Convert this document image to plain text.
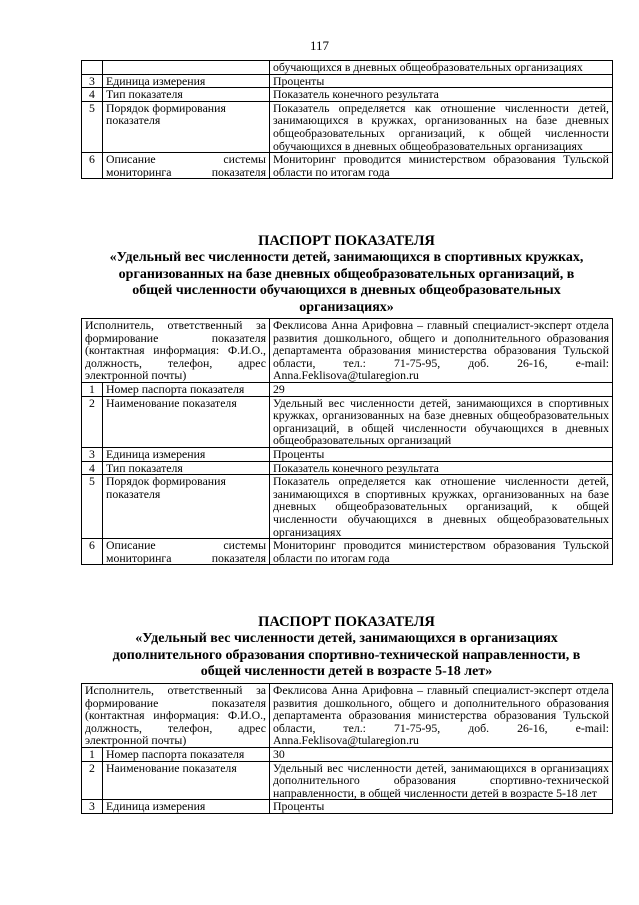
117
		обучающихся в дневных общеобразовательных организациях
3	Единица измерения	Проценты
4	Тип показателя	Показатель конечного результата
5	Порядок формирования показателя	Показатель определяется как отношение численности детей, занимающихся в кружках, организованных на базе дневных общеобразовательных организаций, к общей численности обучающихся в дневных общеобразовательных организациях
6	Описание системы мониторинга показателя	Мониторинг проводится министерством образования Тульской области по итогам года
ПАСПОРТ ПОКАЗАТЕЛЯ
«Удельный вес численности детей, занимающихся в спортивных кружках, организованных на базе дневных общеобразовательных организаций, в общей численности обучающихся в дневных общеобразовательных организациях»
Исполнитель, ответственный за формирование показателя (контактная информация: Ф.И.О., должность, телефон, адрес электронной почты)		Феклисова Анна Арифовна – главный специалист-эксперт отдела развития дошкольного, общего и дополнительного образования департамента образования министерства образования Тульской области, тел.: 71-75-95, доб. 26-16, e-mail: Anna.Feklisova@tularegion.ru
1	Номер паспорта показателя	29
2	Наименование показателя	Удельный вес численности детей, занимающихся в спортивных кружках, организованных на базе дневных общеобразовательных организаций, в общей численности обучающихся в дневных общеобразовательных организаций
3	Единица измерения	Проценты
4	Тип показателя	Показатель конечного результата
5	Порядок формирования показателя	Показатель определяется как отношение численности детей, занимающихся в спортивных кружках, организованных на базе дневных общеобразовательных организаций, к общей численности обучающихся в дневных общеобразовательных организациях
6	Описание системы мониторинга показателя	Мониторинг проводится министерством образования Тульской области по итогам года
ПАСПОРТ ПОКАЗАТЕЛЯ
«Удельный вес численности детей, занимающихся в организациях дополнительного образования спортивно-технической направленности, в общей численности детей в возрасте 5-18 лет»
Исполнитель, ответственный за формирование показателя (контактная информация: Ф.И.О., должность, телефон, адрес электронной почты)		Феклисова Анна Арифовна – главный специалист-эксперт отдела развития дошкольного, общего и дополнительного образования департамента образования министерства образования Тульской области, тел.: 71-75-95, доб. 26-16, e-mail: Anna.Feklisova@tularegion.ru
1	Номер паспорта показателя	30
2	Наименование показателя	Удельный вес численности детей, занимающихся в организациях дополнительного образования спортивно-технической направленности, в общей численности детей в возрасте 5-18 лет
3	Единица измерения	Проценты
